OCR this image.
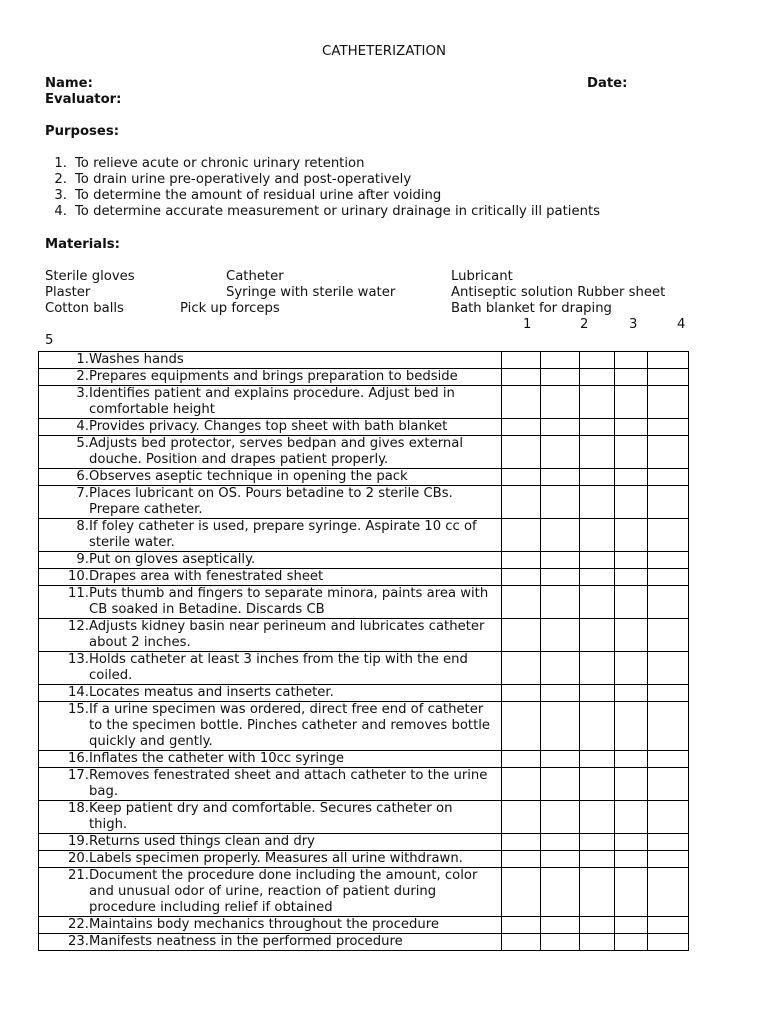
CATHETERIZATION
Name:	Date:
Evaluator:
Purposes:
1 . To relieve acute or chronic urinary retention
2 . To drain urine pre-operatively and post-operatively
3 . To determine the amount of residual urine after voiding
4 . To determine accurate measurement or urinary drainage in critically ill patients
Materials:
Sterile gloves	Catheter	Lubricant
Plaster	Syringe with sterile water	Antiseptic solution Rubber sheet
Cotton balls	Pick up forceps	Bath blanket for draping
1	2	3	4
5
1 . Washes hands					
2 . Prepares equipments and brings preparation to bedside					
3 . Identifies patient and explains procedure. Adjust bed in comfortable height					
4 . Provides privacy. Changes top sheet with bath blanket					
5 . Adjusts bed protector, serves bedpan and gives external douche. Position and drapes patient properly.					
6 . Observes aseptic technique in opening the pack					
7 . Places lubricant on OS. Pours betadine to 2 sterile CBs. Prepare catheter.					
8 . If foley catheter is used, prepare syringe. Aspirate 10 cc of sterile water.					
9 . Put on gloves aseptically.					
10 . Drapes area with fenestrated sheet					
11 . Puts thumb and fingers to separate minora, paints area with CB soaked in Betadine. Discards CB					
12 . Adjusts kidney basin near perineum and lubricates catheter about 2 inches.					
13 . Holds catheter at least 3 inches from the tip with the end coiled.					
14 . Locates meatus and inserts catheter.					
15 . If a urine specimen was ordered, direct free end of catheter to the specimen bottle. Pinches catheter and removes bottle quickly and gently.					
16 . Inflates the catheter with 10cc syringe					
17 . Removes fenestrated sheet and attach catheter to the urine bag.					
18 . Keep patient dry and comfortable. Secures catheter on thigh.					
19 . Returns used things clean and dry					
20 . Labels specimen properly. Measures all urine withdrawn.					
21 . Document the procedure done including the amount, color and unusual odor of urine, reaction of patient during procedure including relief if obtained					
22 . Maintains body mechanics throughout the procedure					
23 . Manifests neatness in the performed procedure					
